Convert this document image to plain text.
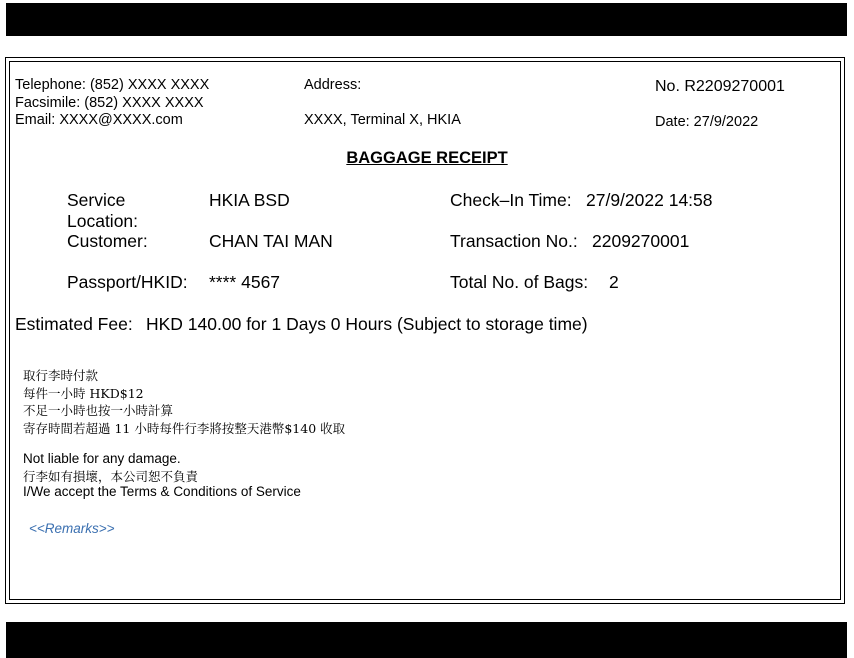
Telephone: (852) XXXX XXXX
Facsimile: (852) XXXX XXXX
Email: XXXX@XXXX.com
Address:
XXXX, Terminal X, HKIA
No. R2209270001
Date: 27/9/2022
BAGGAGE RECEIPT
Service
Location:
HKIA BSD
Customer:	CHAN TAI MAN
Passport/HKID: **** 4567
Check–In Time: 27/9/2022 14:58
Transaction No.: 2209270001
Total No. of Bags: 2
Estimated Fee: HKD 140.00 for 1 Days 0 Hours (Subject to storage time)
取行李時付款
每件一小時 HKD$12
不足一小時也按一小時計算
寄存時間若超過 11 小時每件行李將按整天港幣$140 收取
Not liable for any damage.
行李如有損壞，本公司恕不負責
I/We accept the Terms & Conditions of Service
<<Remarks>>
